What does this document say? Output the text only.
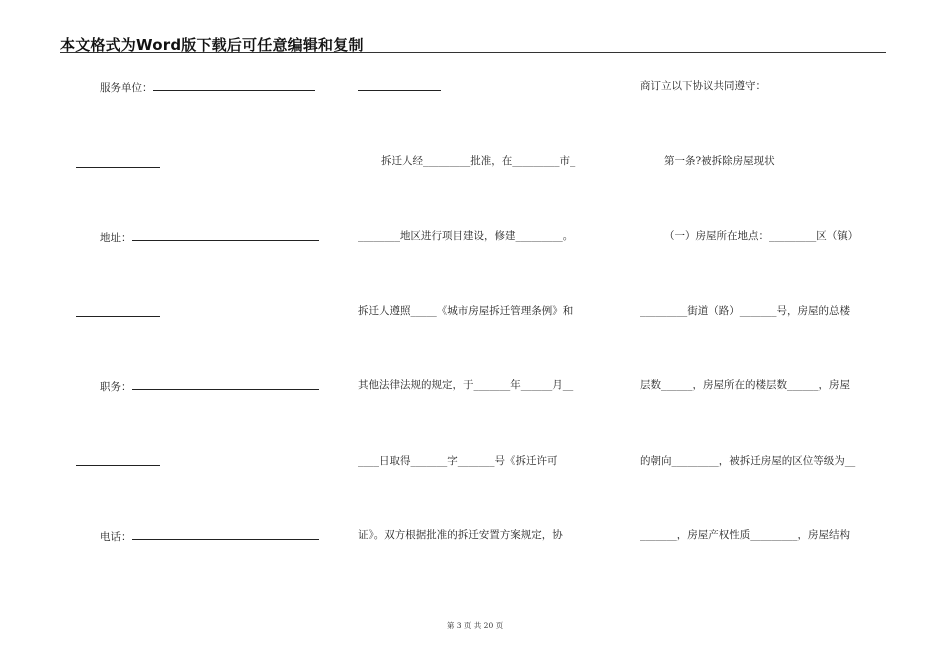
本文格式为Word版下载后可任意编辑和复制
服务单位：
地址：
职务：
电话：
拆迁人经_________批准，在_________市_
________地区进行项目建设，修建_________。
拆迁人遵照_____《城市房屋拆迁管理条例》和
其他法律法规的规定，于_______年______月__
____日取得_______字_______号《拆迁许可
证》。双方根据批准的拆迁安置方案规定，协
商订立以下协议共同遵守：
第一条?被拆除房屋现状
（一）房屋所在地点：_________区（镇）
_________街道（路）_______号，房屋的总楼
层数______，房屋所在的楼层数______，房屋
的朝向_________，被拆迁房屋的区位等级为__
_______，房屋产权性质_________，房屋结构
第 3 页 共 20 页
